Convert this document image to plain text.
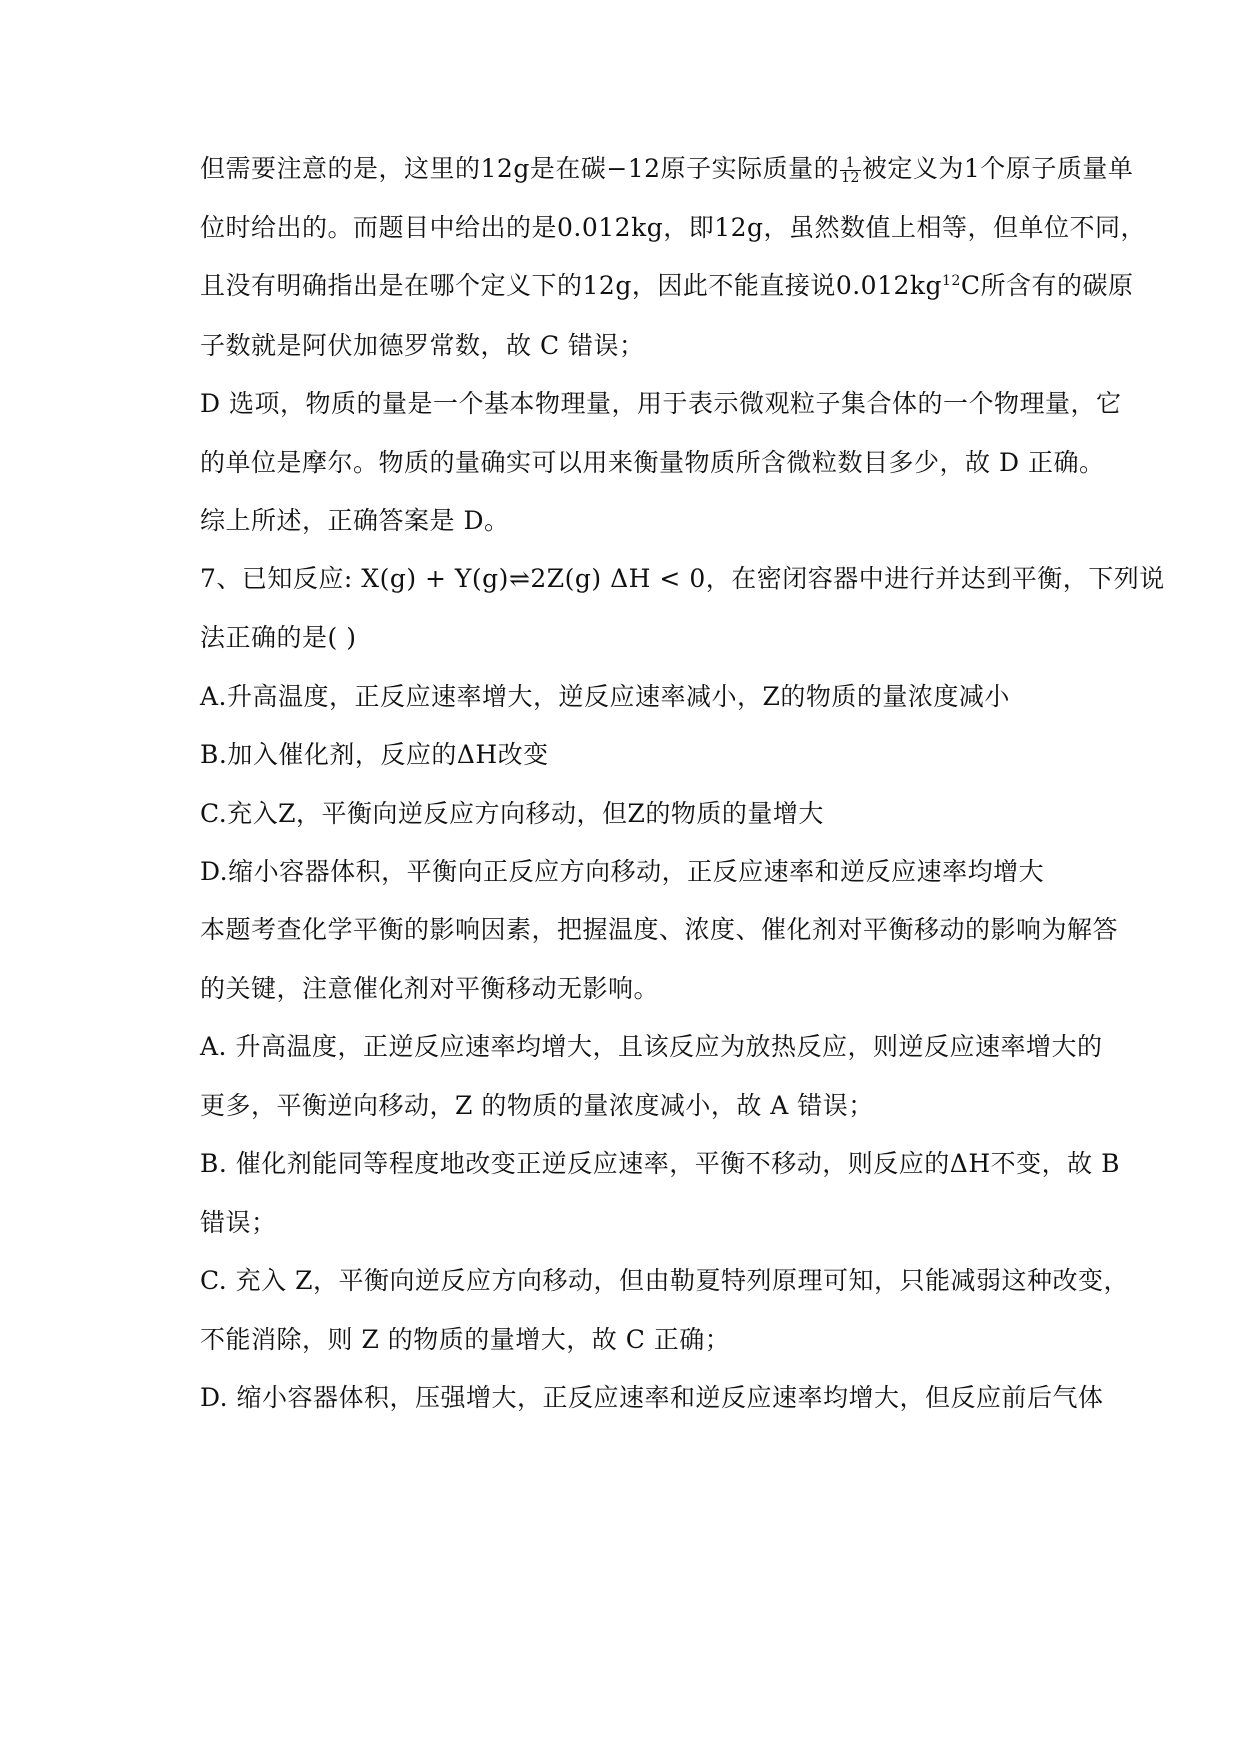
但需要注意的是，这里的12g是在碳−12原子实际质量的 $\frac{1}{12}$ 被定义为1个原子质量单
位时给出的。而题目中给出的是0.012kg，即12g，虽然数值上相等，但单位不同，
且没有明确指出是在哪个定义下的12g，因此不能直接说$0.012kg^{12}C$所含有的碳原
子数就是阿伏加德罗常数，故 C 错误；
D 选项，物质的量是一个基本物理量，用于表示微观粒子集合体的一个物理量，它
的单位是摩尔。物质的量确实可以用来衡量物质所含微粒数目多少，故 D 正确。
综上所述，正确答案是 D。
7、已知反应: X(g) + Y(g)⇌2Z(g) ΔH < 0，在密闭容器中进行并达到平衡，下列说
法正确的是( )
A.升高温度，正反应速率增大，逆反应速率减小，Z的物质的量浓度减小
B.加入催化剂，反应的ΔH改变
C.充入Z，平衡向逆反应方向移动，但Z的物质的量增大
D.缩小容器体积，平衡向正反应方向移动，正反应速率和逆反应速率均增大
本题考查化学平衡的影响因素，把握温度、浓度、催化剂对平衡移动的影响为解答
的关键，注意催化剂对平衡移动无影响。
A. 升高温度，正逆反应速率均增大，且该反应为放热反应，则逆反应速率增大的
更多，平衡逆向移动，Z 的物质的量浓度减小，故 A 错误；
B. 催化剂能同等程度地改变正逆反应速率，平衡不移动，则反应的ΔH不变，故 B
错误；
C. 充入 Z，平衡向逆反应方向移动，但由勒夏特列原理可知，只能减弱这种改变，
不能消除，则 Z 的物质的量增大，故 C 正确；
D. 缩小容器体积，压强增大，正反应速率和逆反应速率均增大，但反应前后气体
